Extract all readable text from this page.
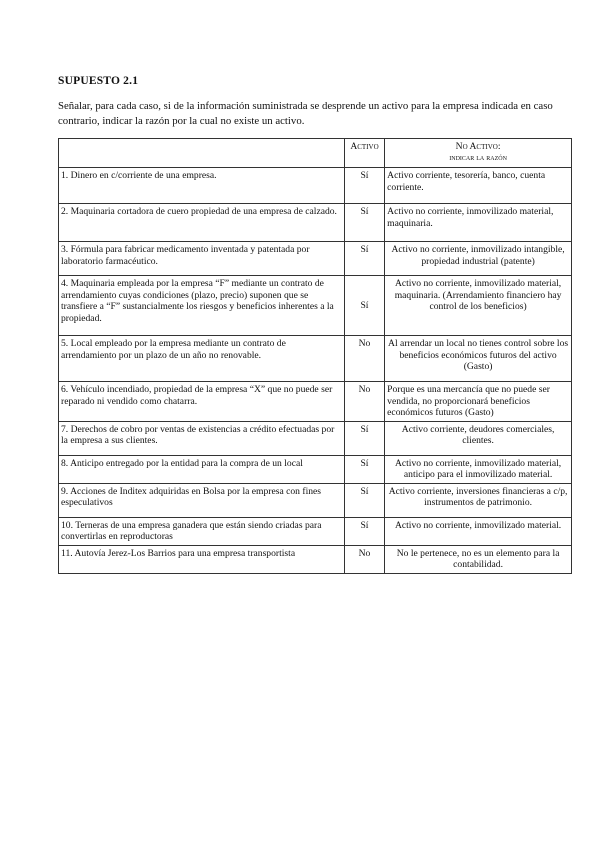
SUPUESTO 2.1
Señalar, para cada caso, si de la información suministrada se desprende un activo para la empresa indicada en caso contrario, indicar la razón por la cual no existe un activo.
	Activo	No Activo:
indicar la razón

1. Dinero en c/corriente de una empresa.	Sí	Activo corriente, tesorería, banco, cuenta corriente.
2. Maquinaria cortadora de cuero propiedad de una empresa de calzado.	Sí	Activo no corriente, inmovilizado material, maquinaria.
3. Fórmula para fabricar medicamento inventada y patentada por laboratorio farmacéutico.	Sí	Activo no corriente, inmovilizado intangible, propiedad industrial (patente)
4. Maquinaria empleada por la empresa “F” mediante un contrato de arrendamiento cuyas condiciones (plazo, precio) suponen que se transfiere a “F” sustancialmente los riesgos y beneficios inherentes a la propiedad.	Sí	Activo no corriente, inmovilizado material, maquinaria. (Arrendamiento financiero hay control de los beneficios)
5. Local empleado por la empresa mediante un contrato de arrendamiento por un plazo de un año no renovable.	No	Al arrendar un local no tienes control sobre los beneficios económicos futuros del activo (Gasto)
6. Vehículo incendiado, propiedad de la empresa “X” que no puede ser reparado ni vendido como chatarra.	No	Porque es una mercancía que no puede ser vendida, no proporcionará beneficios económicos futuros (Gasto)
7. Derechos de cobro por ventas de existencias a crédito efectuadas por la empresa a sus clientes.	Sí	Activo corriente, deudores comerciales, clientes.
8. Anticipo entregado por la entidad para la compra de un local	Sí	Activo no corriente, inmovilizado material, anticipo para el inmovilizado material.
9. Acciones de Inditex adquiridas en Bolsa por la empresa con fines especulativos	Sí	Activo corriente, inversiones financieras a c/p, instrumentos de patrimonio.
10. Terneras de una empresa ganadera que están siendo criadas para convertirlas en reproductoras	Sí	Activo no corriente, inmovilizado material.
11. Autovía Jerez-Los Barrios para una empresa transportista	No	No le pertenece, no es un elemento para la contabilidad.
